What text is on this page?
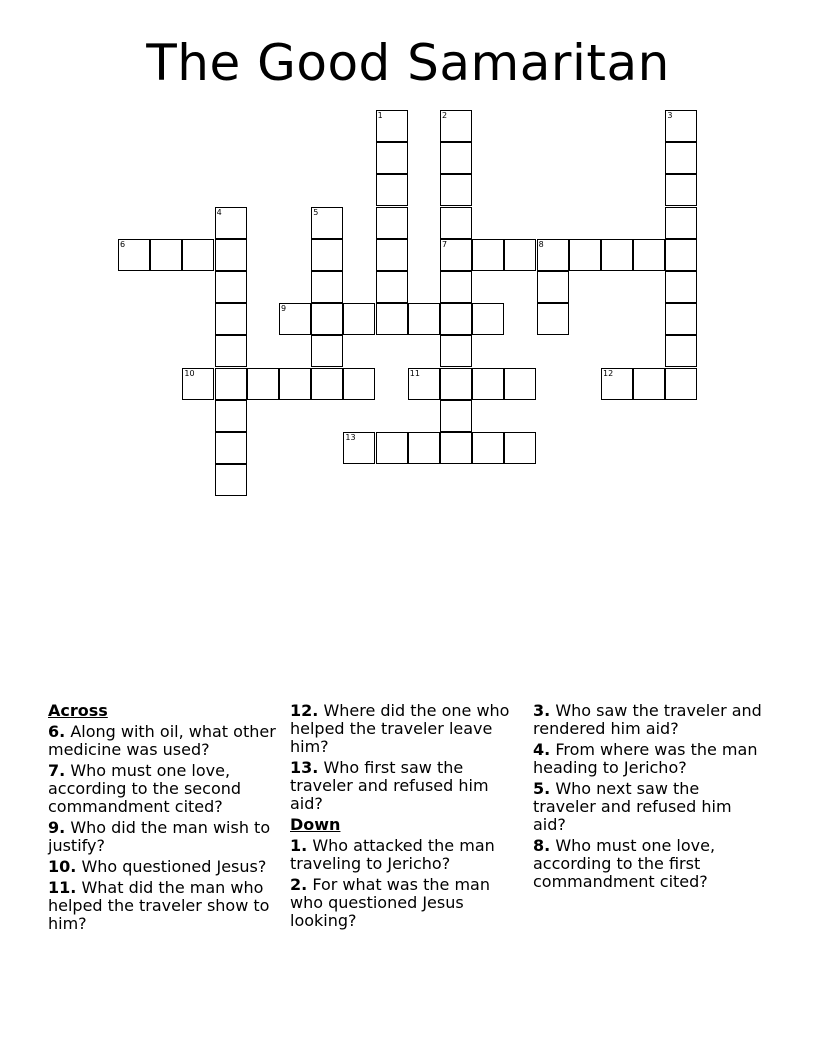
The Good Samaritan
1	2
7
3
4	5
8
6
9
10	11	12
13
Across
6. Along with oil, what other medicine was used?
7. Who must one love, according to the second commandment cited?
9. Who did the man wish to justify?
10. Who questioned Jesus?
11. What did the man who helped the traveler show to him?
12. Where did the one who helped the traveler leave him?
13. Who first saw the traveler and refused him aid?
Down
1. Who attacked the man traveling to Jericho?
2. For what was the man who questioned Jesus looking?
3. Who saw the traveler and rendered him aid?
4. From where was the man heading to Jericho?
5. Who next saw the traveler and refused him aid?
8. Who must one love, according to the first commandment cited?
